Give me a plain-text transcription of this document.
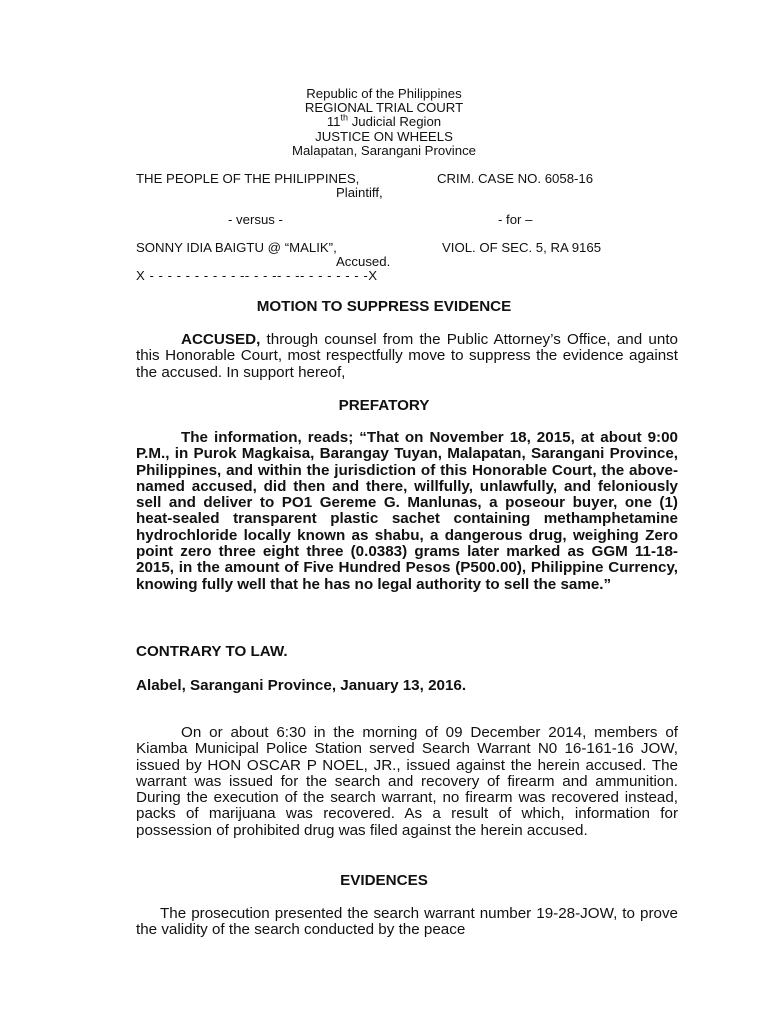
Republic of the Philippines
REGIONAL TRIAL COURT
11th Judicial Region
JUSTICE ON WHEELS
Malapatan, Sarangani Province
THE PEOPLE OF THE PHILIPPINES,	CRIM. CASE NO. 6058-16
Plaintiff,
- versus -	- for –
SONNY IDIA BAIGTU @ “MALIK”,	VIOL. OF SEC. 5, RA 9165
Accused.
X - - - - - - - - - - -- - - -- - -- - - - - - - -X
MOTION TO SUPPRESS EVIDENCE

ACCUSED, through counsel from the Public Attorney’s Office, and unto this Honorable Court, most respectfully move to suppress the evidence against the accused. In support hereof,

PREFATORY

The information, reads; “That on November 18, 2015, at about 9:00 P.M., in Purok Magkaisa, Barangay Tuyan, Malapatan, Sarangani Province, Philippines, and within the jurisdiction of this Honorable Court, the above-named accused, did then and there, willfully, unlawfully, and feloniously sell and deliver to PO1 Gereme G. Manlunas, a poseour buyer, one (1) heat-sealed transparent plastic sachet containing methamphetamine hydrochloride locally known as shabu, a dangerous drug, weighing Zero point zero three eight three (0.0383) grams later marked as GGM 11-18-2015, in the amount of Five Hundred Pesos (P500.00), Philippine Currency, knowing fully well that he has no legal authority to sell the same.”

CONTRARY TO LAW.
Alabel, Sarangani Province, January 13, 2016.

On or about 6:30 in the morning of 09 December 2014, members of Kiamba Municipal Police Station served Search Warrant N0 16-161-16 JOW, issued by HON OSCAR P NOEL, JR., issued against the herein accused. The warrant was issued for the search and recovery of firearm and ammunition. During the execution of the search warrant, no firearm was recovered instead, packs of marijuana was recovered. As a result of which, information for possession of prohibited drug was filed against the herein accused.

EVIDENCES

The prosecution presented the search warrant number 19-28-JOW, to prove the validity of the search conducted by the peace
